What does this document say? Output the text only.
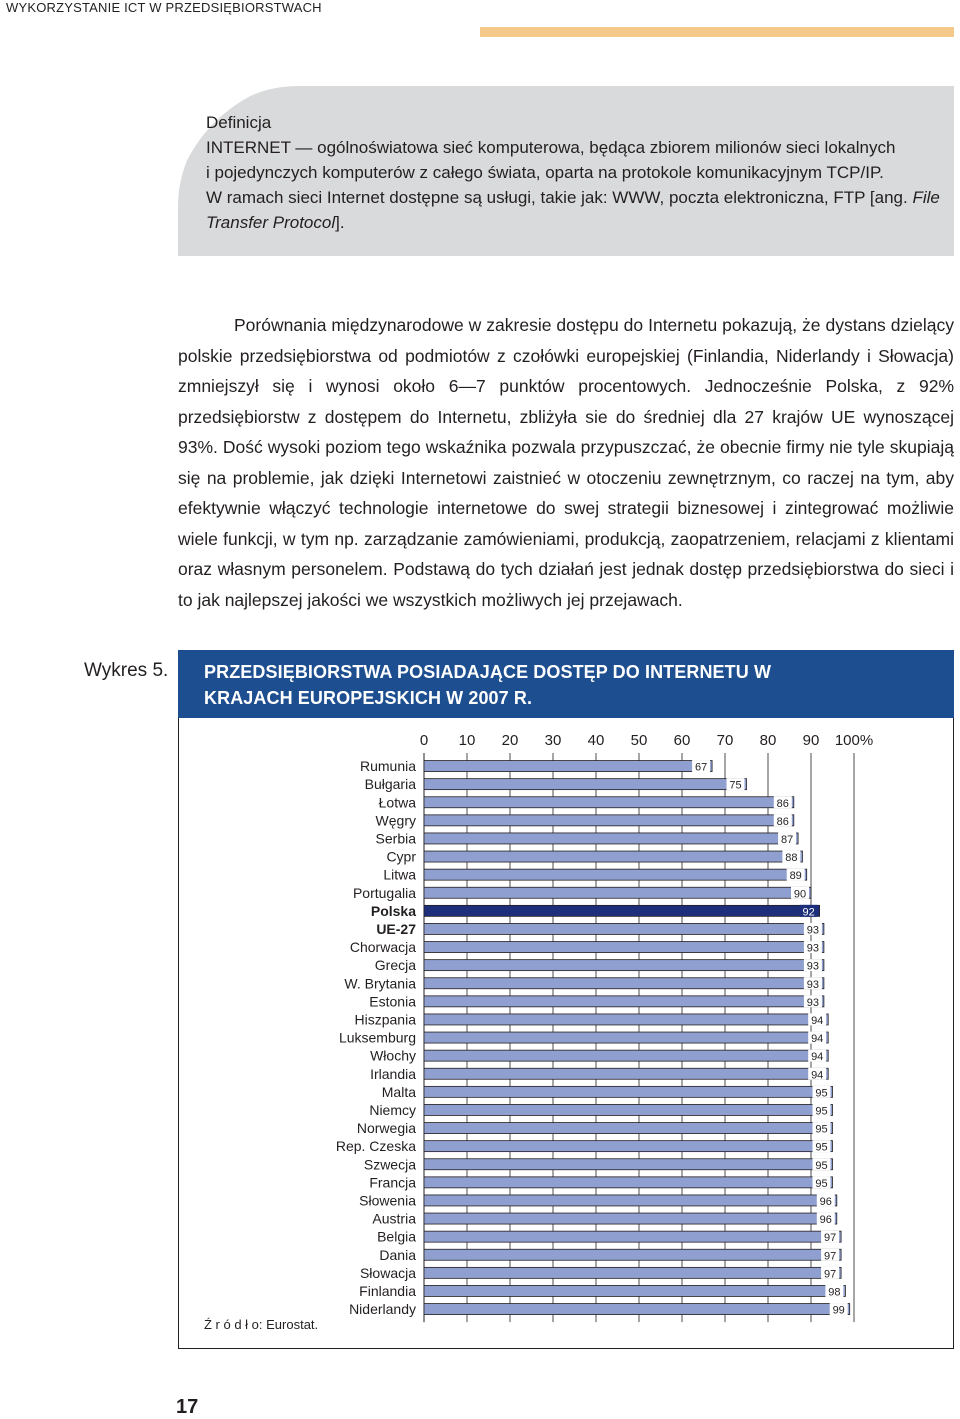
WYKORZYSTANIE ICT W PRZEDSIĘBIORSTWACH

Definicja

INTERNET — ogólnoświatowa sieć komputerowa, będąca zbiorem milionów sieci lokalnych

i pojedynczych komputerów z całego świata, oparta na protokole komunikacyjnym TCP/IP.

W ramach sieci Internet dostępne są usługi, takie jak: WWW, poczta elektroniczna, FTP [ang. File

Transfer Protocol].

Porównania międzynarodowe w zakresie dostępu do Internetu pokazują, że dystans dzielący polskie przedsiębiorstwa od podmiotów z czołówki europejskiej (Finlandia, Niderlandy i Słowacja) zmniejszył się i wynosi około 6—7 punktów procentowych. Jednocześnie Polska, z 92% przedsiębiorstw z dostępem do Internetu, zbliżyła sie do średniej dla 27 krajów UE wynoszącej 93%. Dość wysoki poziom tego wskaźnika pozwala przypuszczać, że obecnie firmy nie tyle skupiają się na problemie, jak dzięki Internetowi zaistnieć w otoczeniu zewnętrznym, co raczej na tym, aby efektywnie włączyć technologie internetowe do swej strategii biznesowej i zintegrować możliwie wiele funkcji, w tym np. zarządzanie zamówieniami, produkcją, zaopatrzeniem, relacjami z klientami oraz własnym personelem. Podstawą do tych działań jest jednak dostęp przedsiębiorstwa do sieci i to jak najlepszej jakości we wszystkich możliwych jej przejawach.

Wykres 5. PRZEDSIĘBIORSTWA POSIADAJĄCE DOSTĘP DO INTERNETU W KRAJACH EUROPEJSKICH W 2007 R.
0 10 20 30 40 50 60 70 80 90 100%
67
Rumunia
75
Bułgaria
86
Łotwa
86
Węgry
87
Serbia
88
Cypr
89
Litwa
90
Portugalia
92
Polska
93
UE-27
93
Chorwacja
93
Grecja
93
W. Brytania
93
Estonia
94
Hiszpania
94
Luksemburg
94
Włochy
94
Irlandia
95
Malta
95
Niemcy
95
Norwegia
95
Rep. Czeska
95
Szwecja
95
Francja
96
Słowenia
96
Austria
97
Belgia
97
Dania
97
Słowacja
98
Finlandia
99
Niderlandy
Ź r ó d ł o: Eurostat.
17
